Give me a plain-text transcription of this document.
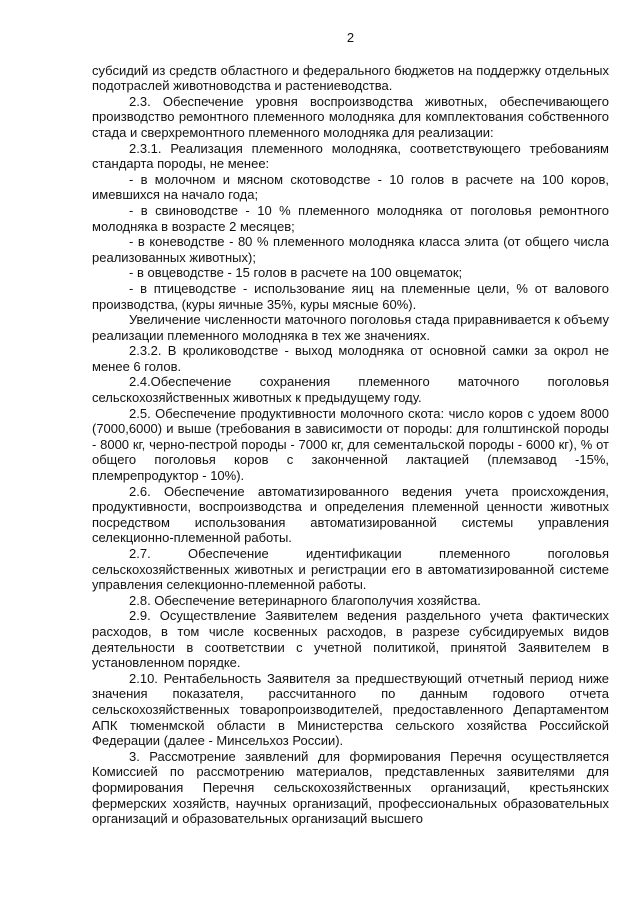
2
субсидий из средств областного и федерального бюджетов на поддержку отдельных подотраслей животноводства и растениеводства.
2.3. Обеспечение уровня воспроизводства животных, обеспечивающего производство ремонтного племенного молодняка для комплектования собственного стада и сверхремонтного племенного молодняка для реализации:
2.3.1. Реализация племенного молодняка, соответствующего требованиям стандарта породы, не менее:
- в молочном и мясном скотоводстве - 10 голов в расчете на 100 коров, имевшихся на начало года;
- в свиноводстве - 10 % племенного молодняка от поголовья ремонтного молодняка в возрасте 2 месяцев;
- в коневодстве - 80 % племенного молодняка класса элита (от общего числа реализованных животных);
- в овцеводстве - 15 голов в расчете на 100 овцематок;
- в птицеводстве - использование яиц на племенные цели, % от валового производства, (куры яичные 35%, куры мясные 60%).
Увеличение численности маточного поголовья стада приравнивается к объему реализации племенного молодняка в тех же значениях.
2.3.2. В кролиководстве - выход молодняка от основной самки за окрол не менее 6 голов.
2.4.Обеспечение сохранения племенного маточного поголовья сельскохозяйственных животных к предыдущему году.
2.5. Обеспечение продуктивности молочного скота: число коров с удоем 8000 (7000,6000) и выше (требования в зависимости от породы: для голштинской породы - 8000 кг, черно-пестрой породы - 7000 кг, для сементальской породы - 6000 кг), % от общего поголовья коров с законченной лактацией (племзавод -15%, племрепродуктор - 10%).
2.6. Обеспечение автоматизированного ведения учета происхождения, продуктивности, воспроизводства и определения племенной ценности животных посредством использования автоматизированной системы управления селекционно-племенной работы.
2.7. Обеспечение идентификации племенного поголовья сельскохозяйственных животных и регистрации его в автоматизированной системе управления селекционно-племенной работы.
2.8. Обеспечение ветеринарного благополучия хозяйства.
2.9. Осуществление Заявителем ведения раздельного учета фактических расходов, в том числе косвенных расходов, в разрезе субсидируемых видов деятельности в соответствии с учетной политикой, принятой Заявителем в установленном порядке.
2.10. Рентабельность Заявителя за предшествующий отчетный период ниже значения показателя, рассчитанного по данным годового отчета сельскохозяйственных товаропроизводителей, предоставленного Департаментом АПК тюменмской области в Министерства сельского хозяйства Российской Федерации (далее - Минсельхоз России).
3. Рассмотрение заявлений для формирования Перечня осуществляется Комиссией по рассмотрению материалов, представленных заявителями для формирования Перечня сельскохозяйственных организаций, крестьянских фермерских хозяйств, научных организаций, профессиональных образовательных организаций и образовательных организаций высшего
